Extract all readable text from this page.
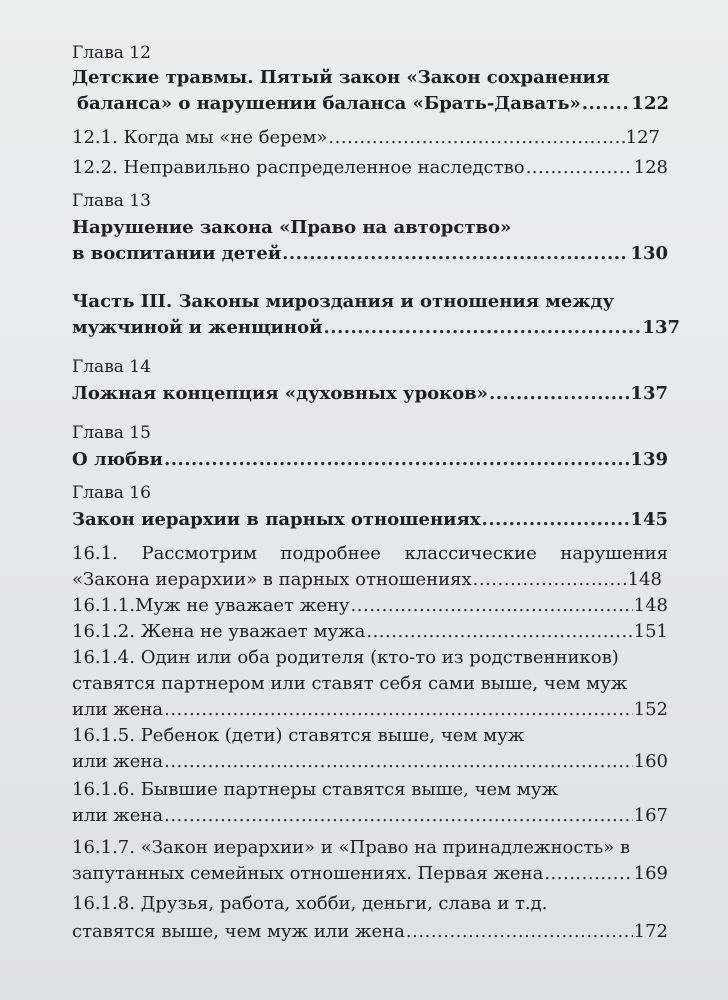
Глава 12
Детские травмы. Пятый закон «Закон сохранения
баланса» о нарушении баланса «Брать-Давать» .....	122
12.1. Когда мы «не берем» .....	127
12.2. Неправильно распределенное наследство .....	128
Глава 13
Нарушение закона «Право на авторство»
в воспитании детей .....	130
Часть III. Законы мироздания и отношения между
мужчиной и женщиной .....	137
Глава 14
Ложная концепция «духовных уроков» .....	137
Глава 15
О любви .....	139
Глава 16
Закон иерархии в парных отношениях .....	145
16.1. Рассмотрим подробнее классические нарушения
«Закона иерархии» в парных отношениях .....	148
16.1.1.Муж не уважает жену .....	148
16.1.2. Жена не уважает мужа .....	151
16.1.4. Один или оба родителя (кто-то из родственников)
ставятся партнером или ставят себя сами выше, чем муж
или жена .....	152
16.1.5. Ребенок (дети) ставятся выше, чем муж
или жена .....	160
16.1.6. Бывшие партнеры ставятся выше, чем муж
или жена .....	167
16.1.7. «Закон иерархии» и «Право на принадлежность» в
запутанных семейных отношениях. Первая жена .....	169
16.1.8. Друзья, работа, хобби, деньги, слава и т.д.
ставятся выше, чем муж или жена .....	172
